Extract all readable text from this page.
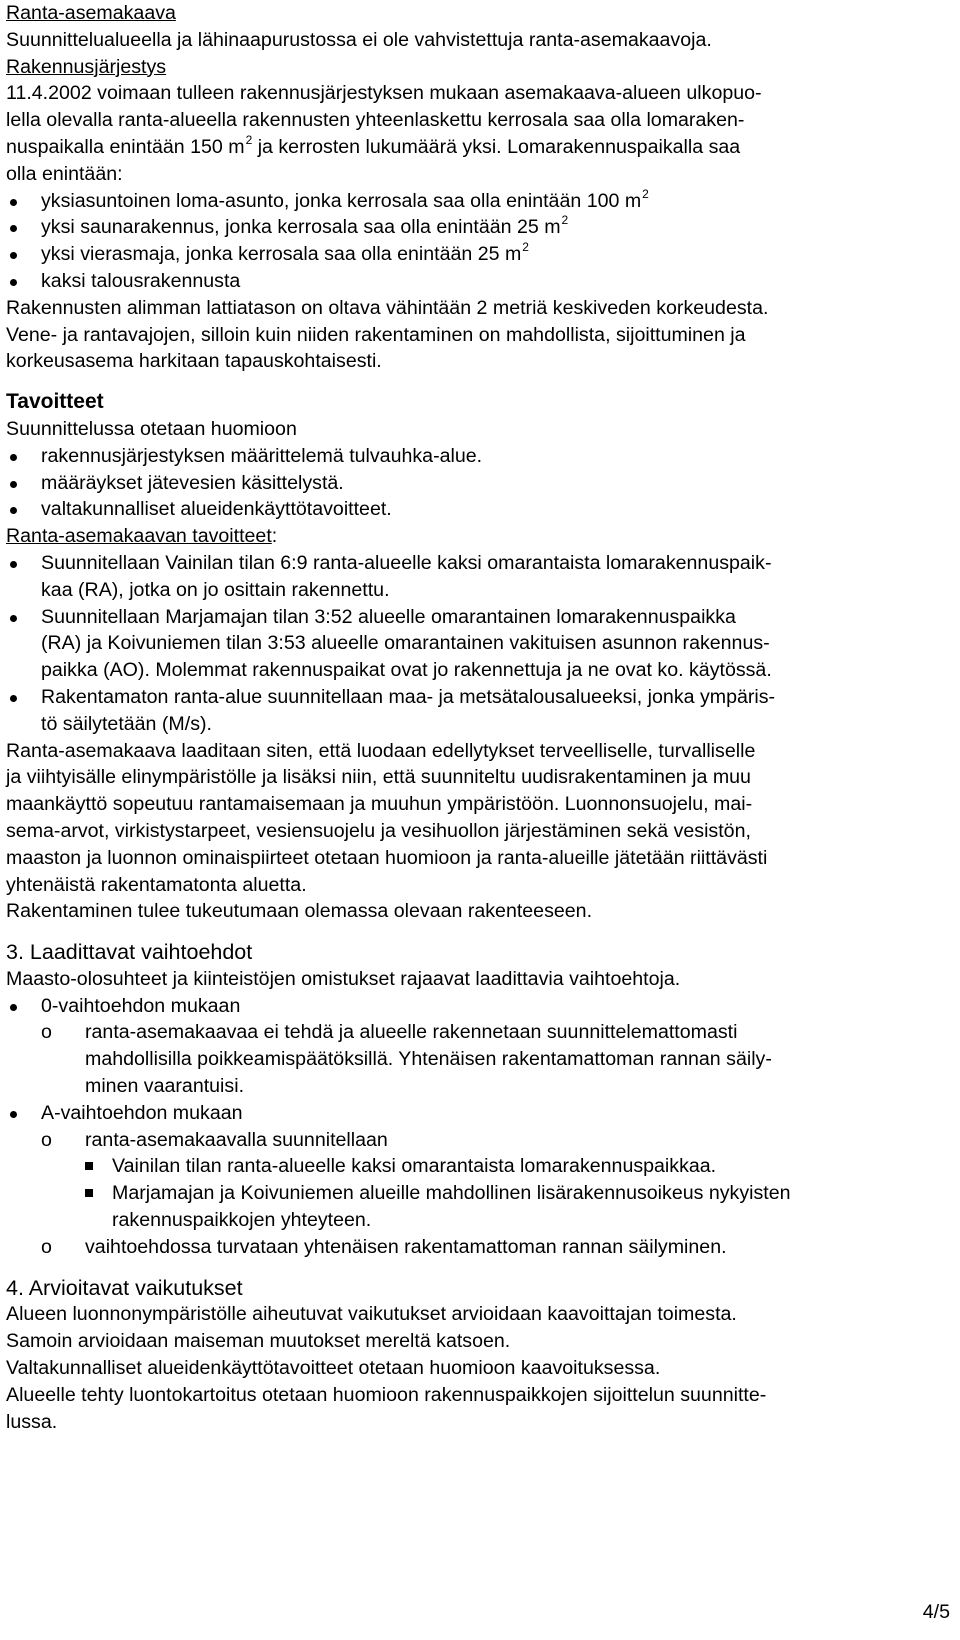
Ranta-asemakaava
Suunnittelualueella ja lähinaapurustossa ei ole vahvistettuja ranta-asemakaavoja.
Rakennusjärjestys
11.4.2002 voimaan tulleen rakennusjärjestyksen mukaan asemakaava-alueen ulkopuo-
lella olevalla ranta-alueella rakennusten yhteenlaskettu kerrosala saa olla lomaraken-
nuspaikalla enintään 150 $m^2$ ja kerrosten lukumäärä yksi. Lomarakennuspaikalla saa
olla enintään:
yksiasuntoinen loma-asunto, jonka kerrosala saa olla enintään 100 $m^2$
yksi saunarakennus, jonka kerrosala saa olla enintään 25 $m^2$
yksi vierasmaja, jonka kerrosala saa olla enintään 25 $m^2$
kaksi talousrakennusta
Rakennusten alimman lattiatason on oltava vähintään 2 metriä keskiveden korkeudesta.
Vene- ja rantavajojen, silloin kuin niiden rakentaminen on mahdollista, sijoittuminen ja
korkeusasema harkitaan tapauskohtaisesti.
Tavoitteet
Suunnittelussa otetaan huomioon
rakennusjärjestyksen määrittelemä tulvauhka-alue.
määräykset jätevesien käsittelystä.
valtakunnalliset alueidenkäyttötavoitteet.
Ranta-asemakaavan tavoitteet:
Suunnitellaan Vainilan tilan 6:9 ranta-alueelle kaksi omarantaista lomarakennuspaik-
kaa (RA), jotka on jo osittain rakennettu.
Suunnitellaan Marjamajan tilan 3:52 alueelle omarantainen lomarakennuspaikka
(RA) ja Koivuniemen tilan 3:53 alueelle omarantainen vakituisen asunnon rakennus-
paikka (AO). Molemmat rakennuspaikat ovat jo rakennettuja ja ne ovat ko. käytössä.
Rakentamaton ranta-alue suunnitellaan maa- ja metsätalousalueeksi, jonka ympäris-
tö säilytetään (M/s).
Ranta-asemakaava laaditaan siten, että luodaan edellytykset terveelliselle, turvalliselle
ja viihtyisälle elinympäristölle ja lisäksi niin, että suunniteltu uudisrakentaminen ja muu
maankäyttö sopeutuu rantamaisemaan ja muuhun ympäristöön. Luonnonsuojelu, mai-
sema-arvot, virkistystarpeet, vesiensuojelu ja vesihuollon järjestäminen sekä vesistön,
maaston ja luonnon ominaispiirteet otetaan huomioon ja ranta-alueille jätetään riittävästi
yhtenäistä rakentamatonta aluetta.
Rakentaminen tulee tukeutumaan olemassa olevaan rakenteeseen.
3. Laadittavat vaihtoehdot
Maasto-olosuhteet ja kiinteistöjen omistukset rajaavat laadittavia vaihtoehtoja.
0-vaihtoehdon mukaan
o ranta-asemakaavaa ei tehdä ja alueelle rakennetaan suunnittelemattomasti
mahdollisilla poikkeamispäätöksillä. Yhtenäisen rakentamattoman rannan säily-
minen vaarantuisi.
A-vaihtoehdon mukaan
o ranta-asemakaavalla suunnitellaan
Vainilan tilan ranta-alueelle kaksi omarantaista lomarakennuspaikkaa.
Marjamajan ja Koivuniemen alueille mahdollinen lisärakennusoikeus nykyisten
rakennuspaikkojen yhteyteen.
o vaihtoehdossa turvataan yhtenäisen rakentamattoman rannan säilyminen.
4. Arvioitavat vaikutukset
Alueen luonnonympäristölle aiheutuvat vaikutukset arvioidaan kaavoittajan toimesta.
Samoin arvioidaan maiseman muutokset mereltä katsoen.
Valtakunnalliset alueidenkäyttötavoitteet otetaan huomioon kaavoituksessa.
Alueelle tehty luontokartoitus otetaan huomioon rakennuspaikkojen sijoittelun suunnitte-
lussa.
4/5
